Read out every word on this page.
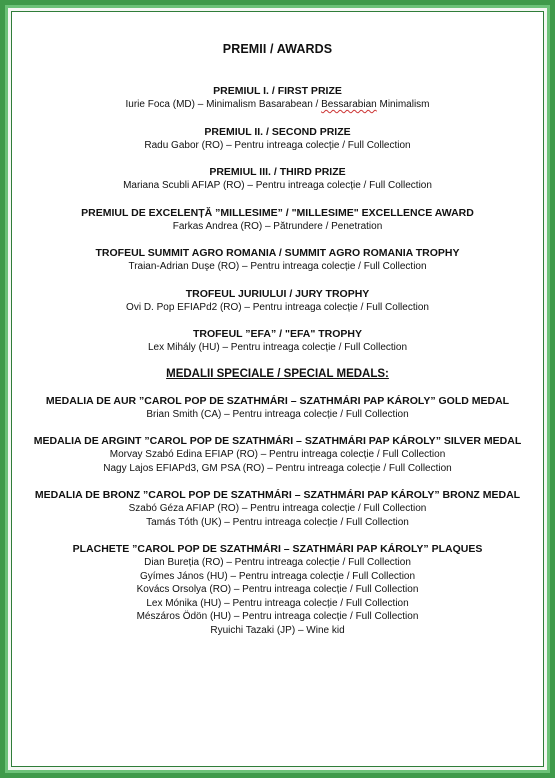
PREMII / AWARDS
PREMIUL I. / FIRST PRIZE
Iurie Foca (MD) – Minimalism Basarabean / Bessarabian Minimalism
PREMIUL II. / SECOND PRIZE
Radu Gabor (RO) – Pentru intreaga colecție / Full Collection
PREMIUL III. / THIRD PRIZE
Mariana Scubli AFIAP (RO) – Pentru intreaga colecție / Full Collection
PREMIUL DE EXCELENȚĂ ”MILLESIME” / "MILLESIME" EXCELLENCE AWARD
Farkas Andrea (RO) – Pătrundere / Penetration
TROFEUL SUMMIT AGRO ROMANIA / SUMMIT AGRO ROMANIA TROPHY
Traian-Adrian Duşe (RO) – Pentru intreaga colecție / Full Collection
TROFEUL JURIULUI / JURY TROPHY
Ovi D. Pop EFIAPd2 (RO) – Pentru intreaga colecție / Full Collection
TROFEUL ”EFA” / "EFA" TROPHY
Lex Mihály (HU) – Pentru intreaga colecție / Full Collection
MEDALII SPECIALE / SPECIAL MEDALS:
MEDALIA DE AUR ”CAROL POP DE SZATHMÁRI – SZATHMÁRI PAP KÁROLY” GOLD MEDAL
Brian Smith (CA) – Pentru intreaga colecție / Full Collection
MEDALIA DE ARGINT ”CAROL POP DE SZATHMÁRI – SZATHMÁRI PAP KÁROLY” SILVER MEDAL
Morvay Szabó Edina EFIAP (RO) – Pentru intreaga colecție / Full Collection
Nagy Lajos EFIAPd3, GM PSA (RO) – Pentru intreaga colecție / Full Collection
MEDALIA DE BRONZ ”CAROL POP DE SZATHMÁRI – SZATHMÁRI PAP KÁROLY” BRONZ MEDAL
Szabó Géza AFIAP (RO) – Pentru intreaga colecție / Full Collection
Tamás Tóth (UK) – Pentru intreaga colecție / Full Collection
PLACHETE ”CAROL POP DE SZATHMÁRI – SZATHMÁRI PAP KÁROLY” PLAQUES
Dian Bureția (RO) – Pentru intreaga colecție / Full Collection
Gyímes János (HU) – Pentru intreaga colecție / Full Collection
Kovács Orsolya (RO) – Pentru intreaga colecție / Full Collection
Lex Mónika (HU) – Pentru intreaga colecție / Full Collection
Mészáros Ödön (HU) – Pentru intreaga colecție / Full Collection
Ryuichi Tazaki (JP) – Wine kid
